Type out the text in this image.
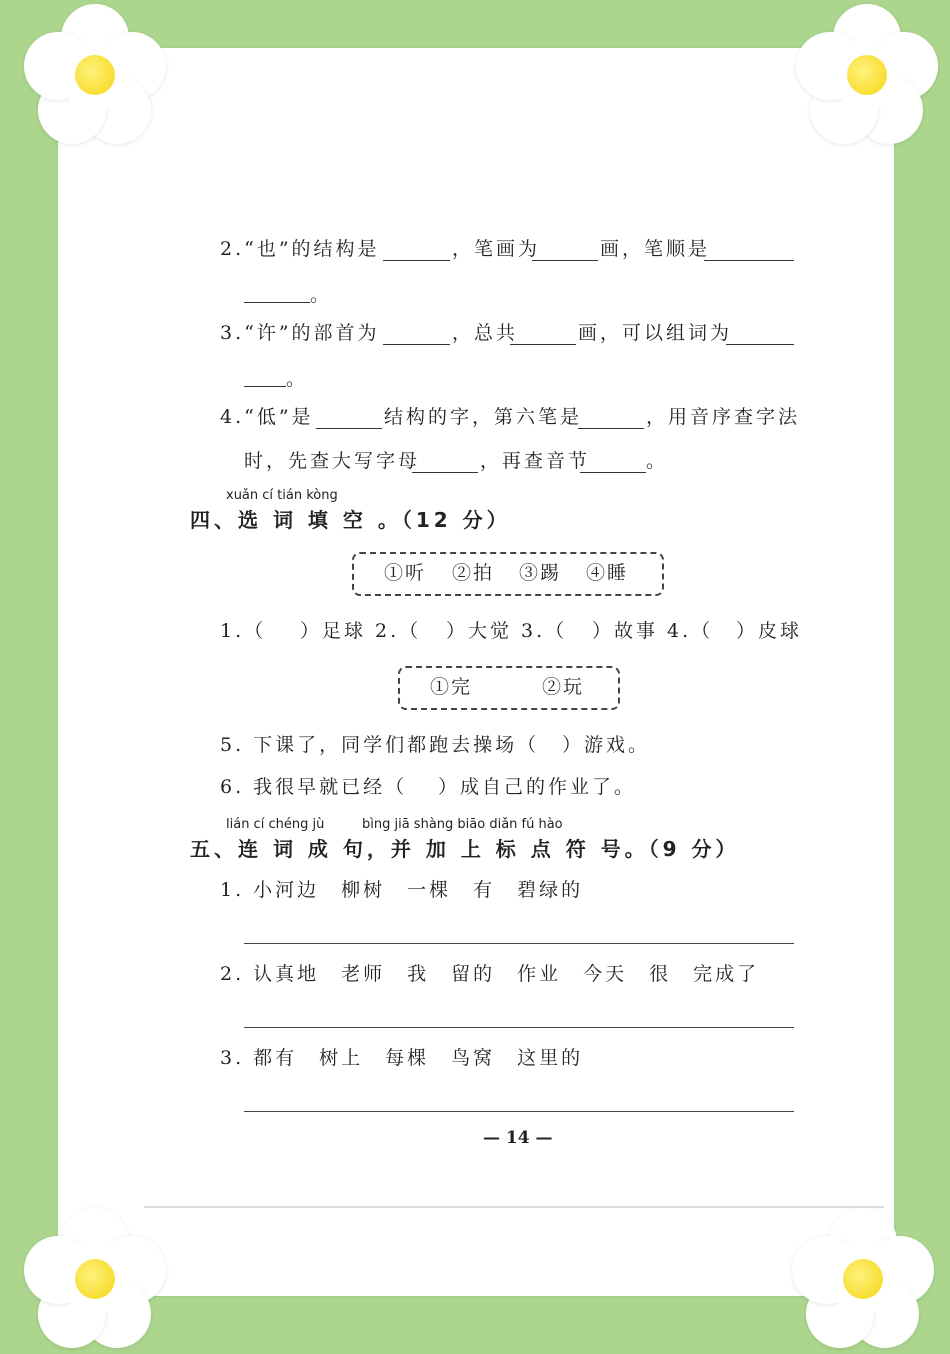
2.“也”的结构是	，笔画为	画，笔顺是
。
3.“许”的部首为	，总共	画，可以组词为
。
4.“低”是	结构的字，第六笔是	，用音序查字法
时，先查大写字母	，再查音节	。
xuǎn cí tián kòng
四、选 词 填 空 。（12 分）
①听 ②拍 ③踢 ④睡
1.（ ）足球 2.（ ）大觉 3.（ ）故事 4.（ ）皮球
①完	②玩
5. 下课了，同学们都跑去操场（ ）游戏。
6. 我很早就已经（ ）成自己的作业了。
lián cí chéng jù	bìng jiā shàng biāo diǎn fú hào
五、连 词 成 句，并 加 上 标 点 符 号。（9 分）
1. 小河边　柳树　一棵　有　碧绿的
2. 认真地　老师　我　留的　作业　今天　很　完成了
3. 都有　树上　每棵　鸟窝　这里的
— 14 —
